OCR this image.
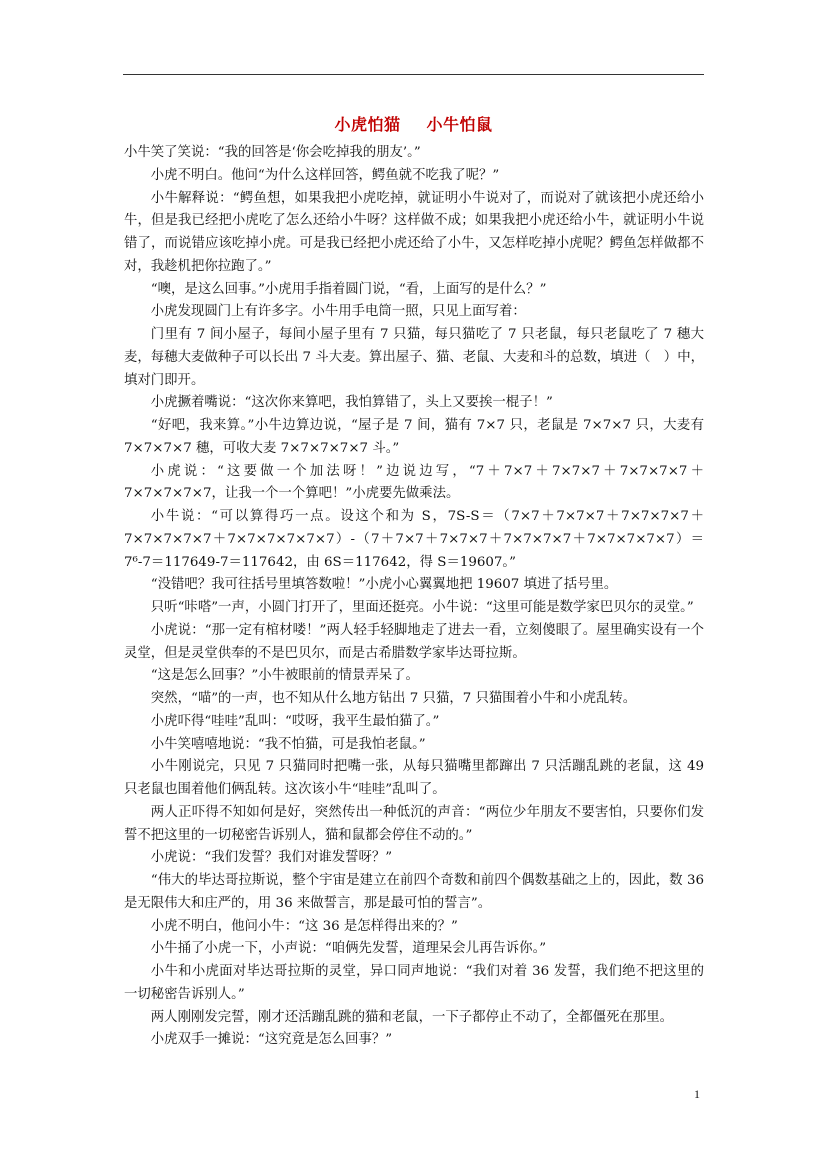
小虎怕猫 小牛怕鼠

小牛笑了笑说：“我的回答是‘你会吃掉我的朋友’。”

小虎不明白。他问“为什么这样回答，鳄鱼就不吃我了呢？”

小牛解释说：“鳄鱼想，如果我把小虎吃掉，就证明小牛说对了，而说对了就该把小虎还给小牛，但是我已经把小虎吃了怎么还给小牛呀？这样做不成；如果我把小虎还给小牛，就证明小牛说错了，而说错应该吃掉小虎。可是我已经把小虎还给了小牛，又怎样吃掉小虎呢？鳄鱼怎样做都不对，我趁机把你拉跑了。”

“噢，是这么回事。”小虎用手指着圆门说，“看，上面写的是什么？”

小虎发现圆门上有许多字。小牛用手电筒一照，只见上面写着：

门里有 7 间小屋子，每间小屋子里有 7 只猫，每只猫吃了 7 只老鼠，每只老鼠吃了 7 穗大麦，每穗大麦做种子可以长出 7 斗大麦。算出屋子、猫、老鼠、大麦和斗的总数，填进（　）中，填对门即开。

小虎撅着嘴说：“这次你来算吧，我怕算错了，头上又要挨一棍子！”

“好吧，我来算。”小牛边算边说，“屋子是 7 间，猫有 7×7 只，老鼠是 7×7×7 只，大麦有 7×7×7×7 穗，可收大麦 7×7×7×7×7 斗。”

小虎说：“这要做一个加法呀！”边说边写，“7＋7×7＋7×7×7＋7×7×7×7＋7×7×7×7×7，让我一个一个算吧！”小虎要先做乘法。

小牛说：“可以算得巧一点。设这个和为 S，7S-S＝（7×7＋7×7×7＋7×7×7×7＋7×7×7×7×7＋7×7×7×7×7×7）-（7＋7×7＋7×7×7＋7×7×7×7＋7×7×7×7×7）＝ 7⁶-7＝117649-7＝117642，由 6S＝117642，得 S＝19607。”

“没错吧？我可往括号里填答数啦！”小虎小心翼翼地把 19607 填进了括号里。

只听“咔嗒”一声，小圆门打开了，里面还挺亮。小牛说：“这里可能是数学家巴贝尔的灵堂。”

小虎说：“那一定有棺材喽！”两人轻手轻脚地走了进去一看，立刻傻眼了。屋里确实设有一个灵堂，但是灵堂供奉的不是巴贝尔，而是古希腊数学家毕达哥拉斯。

“这是怎么回事？”小牛被眼前的情景弄呆了。

突然，“喵”的一声，也不知从什么地方钻出 7 只猫，7 只猫围着小牛和小虎乱转。

小虎吓得“哇哇”乱叫：“哎呀，我平生最怕猫了。”

小牛笑嘻嘻地说：“我不怕猫，可是我怕老鼠。”

小牛刚说完，只见 7 只猫同时把嘴一张，从每只猫嘴里都蹿出 7 只活蹦乱跳的老鼠，这 49 只老鼠也围着他们俩乱转。这次该小牛“哇哇”乱叫了。

两人正吓得不知如何是好，突然传出一种低沉的声音：“两位少年朋友不要害怕，只要你们发誓不把这里的一切秘密告诉别人，猫和鼠都会停住不动的。”

小虎说：“我们发誓？我们对谁发誓呀？”

“伟大的毕达哥拉斯说，整个宇宙是建立在前四个奇数和前四个偶数基础之上的，因此，数 36 是无限伟大和庄严的，用 36 来做誓言，那是最可怕的誓言”。

小虎不明白，他问小牛：“这 36 是怎样得出来的？”

小牛捅了小虎一下，小声说：“咱俩先发誓，道理呆会儿再告诉你。”

小牛和小虎面对毕达哥拉斯的灵堂，异口同声地说：“我们对着 36 发誓，我们绝不把这里的一切秘密告诉别人。”

两人刚刚发完誓，刚才还活蹦乱跳的猫和老鼠，一下子都停止不动了，全都僵死在那里。

小虎双手一摊说：“这究竟是怎么回事？”

1
